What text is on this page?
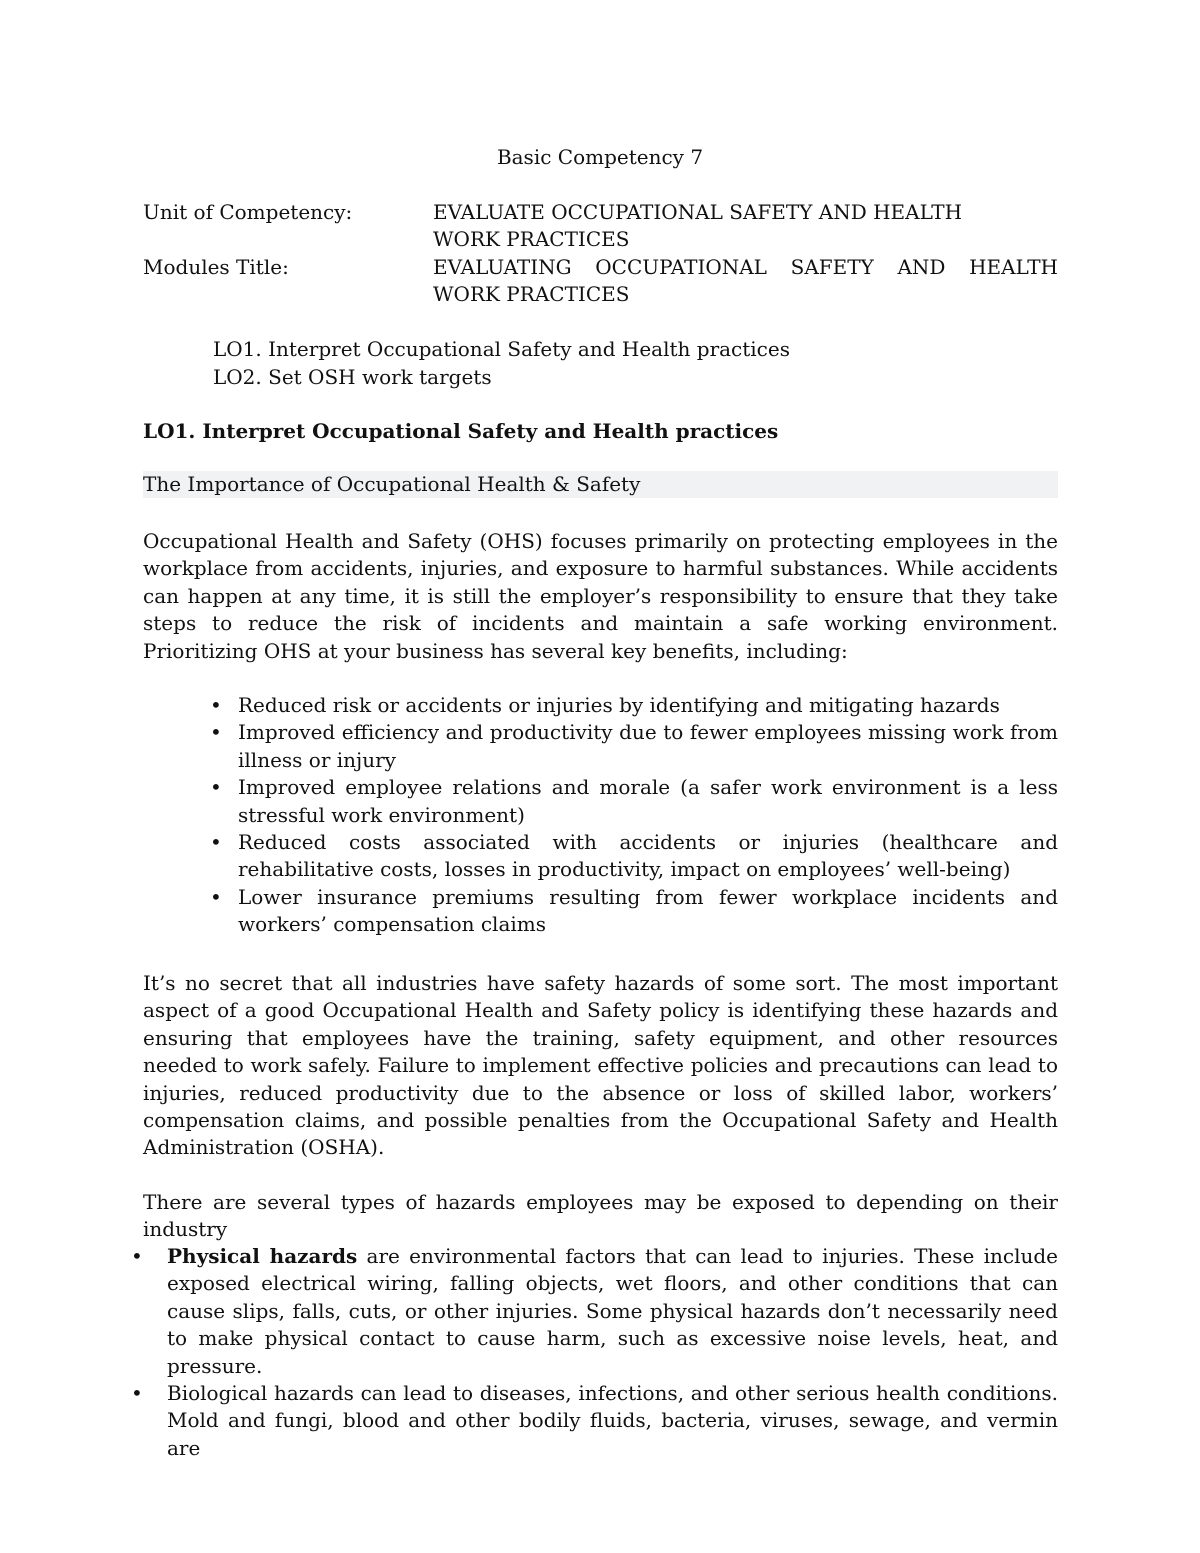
Basic Competency 7
Unit of Competency:	EVALUATE OCCUPATIONAL SAFETY AND HEALTH
WORK PRACTICES
Modules Title:	EVALUATING OCCUPATIONAL SAFETY AND HEALTH WORK PRACTICES
LO1. Interpret Occupational Safety and Health practices
LO2. Set OSH work targets
LO1. Interpret Occupational Safety and Health practices
The Importance of Occupational Health & Safety
Occupational Health and Safety (OHS) focuses primarily on protecting employees in the workplace from accidents, injuries, and exposure to harmful substances. While accidents can happen at any time, it is still the employer’s responsibility to ensure that they take steps to reduce the risk of incidents and maintain a safe working environment. Prioritizing OHS at your business has several key benefits, including:
• Reduced risk or accidents or injuries by identifying and mitigating hazards
• Improved efficiency and productivity due to fewer employees missing work from illness or injury
• Improved employee relations and morale (a safer work environment is a less stressful work environment)
• Reduced costs associated with accidents or injuries (healthcare and rehabilitative costs, losses in productivity, impact on employees’ well-being)
• Lower insurance premiums resulting from fewer workplace incidents and workers’ compensation claims
It’s no secret that all industries have safety hazards of some sort. The most important aspect of a good Occupational Health and Safety policy is identifying these hazards and ensuring that employees have the training, safety equipment, and other resources needed to work safely. Failure to implement effective policies and precautions can lead to injuries, reduced productivity due to the absence or loss of skilled labor, workers’ compensation claims, and possible penalties from the Occupational Safety and Health Administration (OSHA).
There are several types of hazards employees may be exposed to depending on their industry
• Physical hazards are environmental factors that can lead to injuries. These include exposed electrical wiring, falling objects, wet floors, and other conditions that can cause slips, falls, cuts, or other injuries. Some physical hazards don’t necessarily need to make physical contact to cause harm, such as excessive noise levels, heat, and pressure.
• Biological hazards can lead to diseases, infections, and other serious health conditions. Mold and fungi, blood and other bodily fluids, bacteria, viruses, sewage, and vermin are
